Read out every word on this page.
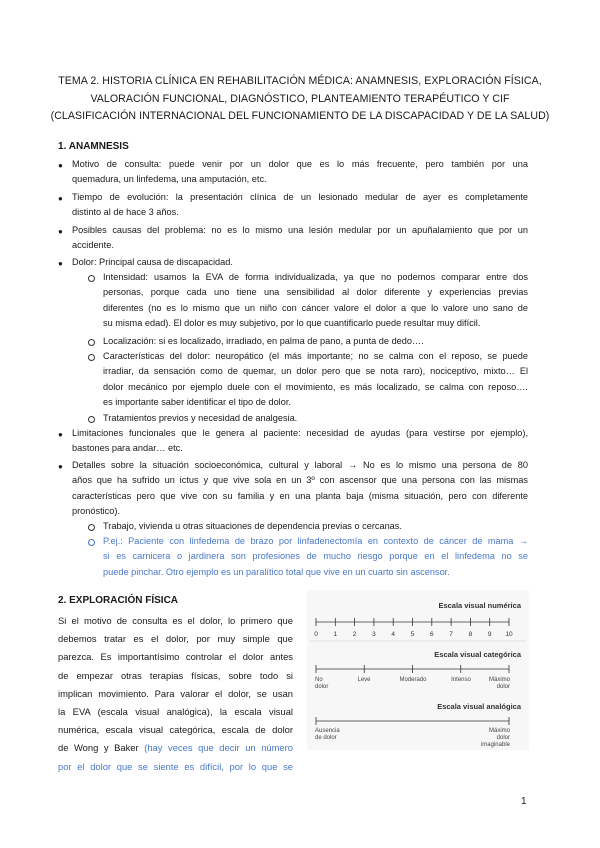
TEMA 2. HISTORIA CLÍNICA EN REHABILITACIÓN MÉDICA: ANAMNESIS, EXPLORACIÓN FÍSICA,
VALORACIÓN FUNCIONAL, DIAGNÓSTICO, PLANTEAMIENTO TERAPÉUTICO Y CIF
(CLASIFICACIÓN INTERNACIONAL DEL FUNCIONAMIENTO DE LA DISCAPACIDAD Y DE LA SALUD)
1. ANAMNESIS
● Motivo de consulta: puede venir por un dolor que es lo más frecuente, pero también por una
quemadura, un linfedema, una amputación, etc.
● Tiempo de evolución: la presentación clínica de un lesionado medular de ayer es completamente
distinto al de hace 3 años.
● Posibles causas del problema: no es lo mismo una lesión medular por un apuñalamiento que por un
accidente.
● Dolor: Principal causa de discapacidad.
Intensidad: usamos la EVA de forma individualizada, ya que no podemos comparar entre dos
personas, porque cada uno tiene una sensibilidad al dolor diferente y experiencias previas
diferentes (no es lo mismo que un niño con cáncer valore el dolor a que lo valore uno sano de
su misma edad). El dolor es muy subjetivo, por lo que cuantificarlo puede resultar muy difícil.
Localización: si es localizado, irradiado, en palma de pano, a punta de dedo….
Características del dolor: neuropático (el más importante; no se calma con el reposo, se puede
irradiar, da sensación como de quemar, un dolor pero que se nota raro), nociceptivo, mixto… El
dolor mecánico por ejemplo duele con el movimiento, es más localizado, se calma con reposo….
es importante saber identificar el tipo de dolor.
Tratamientos previos y necesidad de analgesia.
● Limitaciones funcionales que le genera al paciente: necesidad de ayudas (para vestirse por ejemplo),
bastones para andar… etc.
● Detalles sobre la situación socioeconómica, cultural y laboral → No es lo mismo una persona de 80
años que ha sufrido un ictus y que vive sola en un 3º con ascensor que una persona con las mismas
características pero que vive con su familia y en una planta baja (misma situación, pero con diferente
pronóstico).
Trabajo, vivienda u otras situaciones de dependencia previas o cercanas.
P.ej.: Paciente con linfedema de brazo por linfadenectomía en contexto de cáncer de mama →
si es carnicera o jardinera son profesiones de mucho riesgo porque en el linfedema no se
puede pinchar. Otro ejemplo es un paralítico total que vive en un cuarto sin ascensor.
2. EXPLORACIÓN FÍSICA
Si el motivo de consulta es el dolor, lo primero que
debemos tratar es el dolor, por muy simple que
parezca. Es importantísimo controlar el dolor antes
de empezar otras terapias físicas, sobre todo si
implican movimiento. Para valorar el dolor, se usan
la EVA (escala visual analógica), la escala visual
numérica, escala visual categórica, escala de dolor
de Wong y Baker (hay veces que decir un número
por el dolor que se siente es difícil, por lo que se
Escala visual numérica
0 1 2 3 4 5 6 7 8 9 10
Escala visual categórica
No
dolor
Leve	Moderado	Intenso	Máximo
dolor
Escala visual analógica
Ausencia
de dolor
Máximo
dolor
imaginable
1
